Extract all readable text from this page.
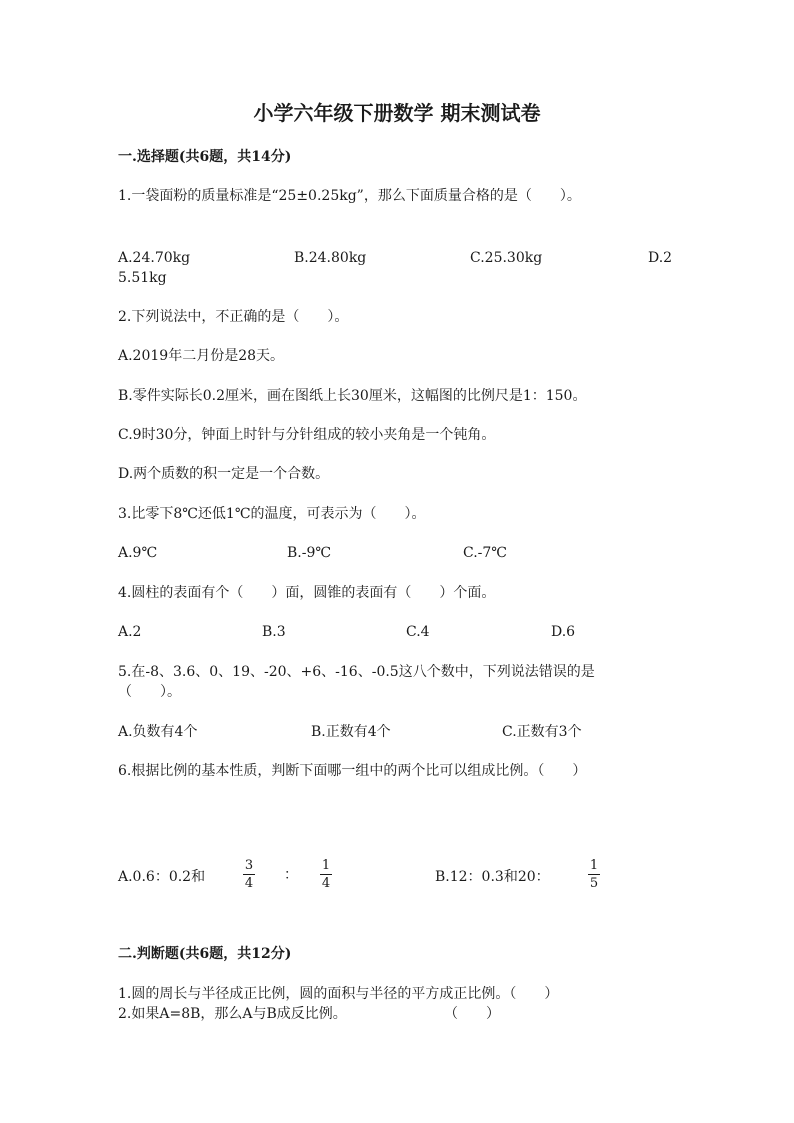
小学六年级下册数学 期末测试卷
一.选择题(共6题，共14分)
1.一袋面粉的质量标准是“25±0.25kg”，那么下面质量合格的是（　　）。
A.24.70kg	B.24.80kg	C.25.30kg	D.2
5.51kg
2.下列说法中，不正确的是（　　）。
A.2019年二月份是28天。
B.零件实际长0.2厘米，画在图纸上长30厘米，这幅图的比例尺是1：150。
C.9时30分，钟面上时针与分针组成的较小夹角是一个钝角。
D.两个质数的积一定是一个合数。
3.比零下8℃还低1℃的温度，可表示为（　　）。
A.9℃	B.-9℃	C.-7℃
4.圆柱的表面有个（　　）面，圆锥的表面有（　　）个面。
A.2	B.3	C.4	D.6
5.在-8、3.6、0、19、-20、+6、-16、-0.5这八个数中，下列说法错误的是
（　　）。
A.负数有4个	B.正数有4个	C.正数有3个
6.根据比例的基本性质，判断下面哪一组中的两个比可以组成比例。（　　）
A.0.6：0.2和
3
4
：
1
4	B.12：0.3和20：
1
5
二.判断题(共6题，共12分)
1.圆的周长与半径成正比例，圆的面积与半径的平方成正比例。（　　）
2.如果A=8B，那么A与B成反比例。	（　　）
